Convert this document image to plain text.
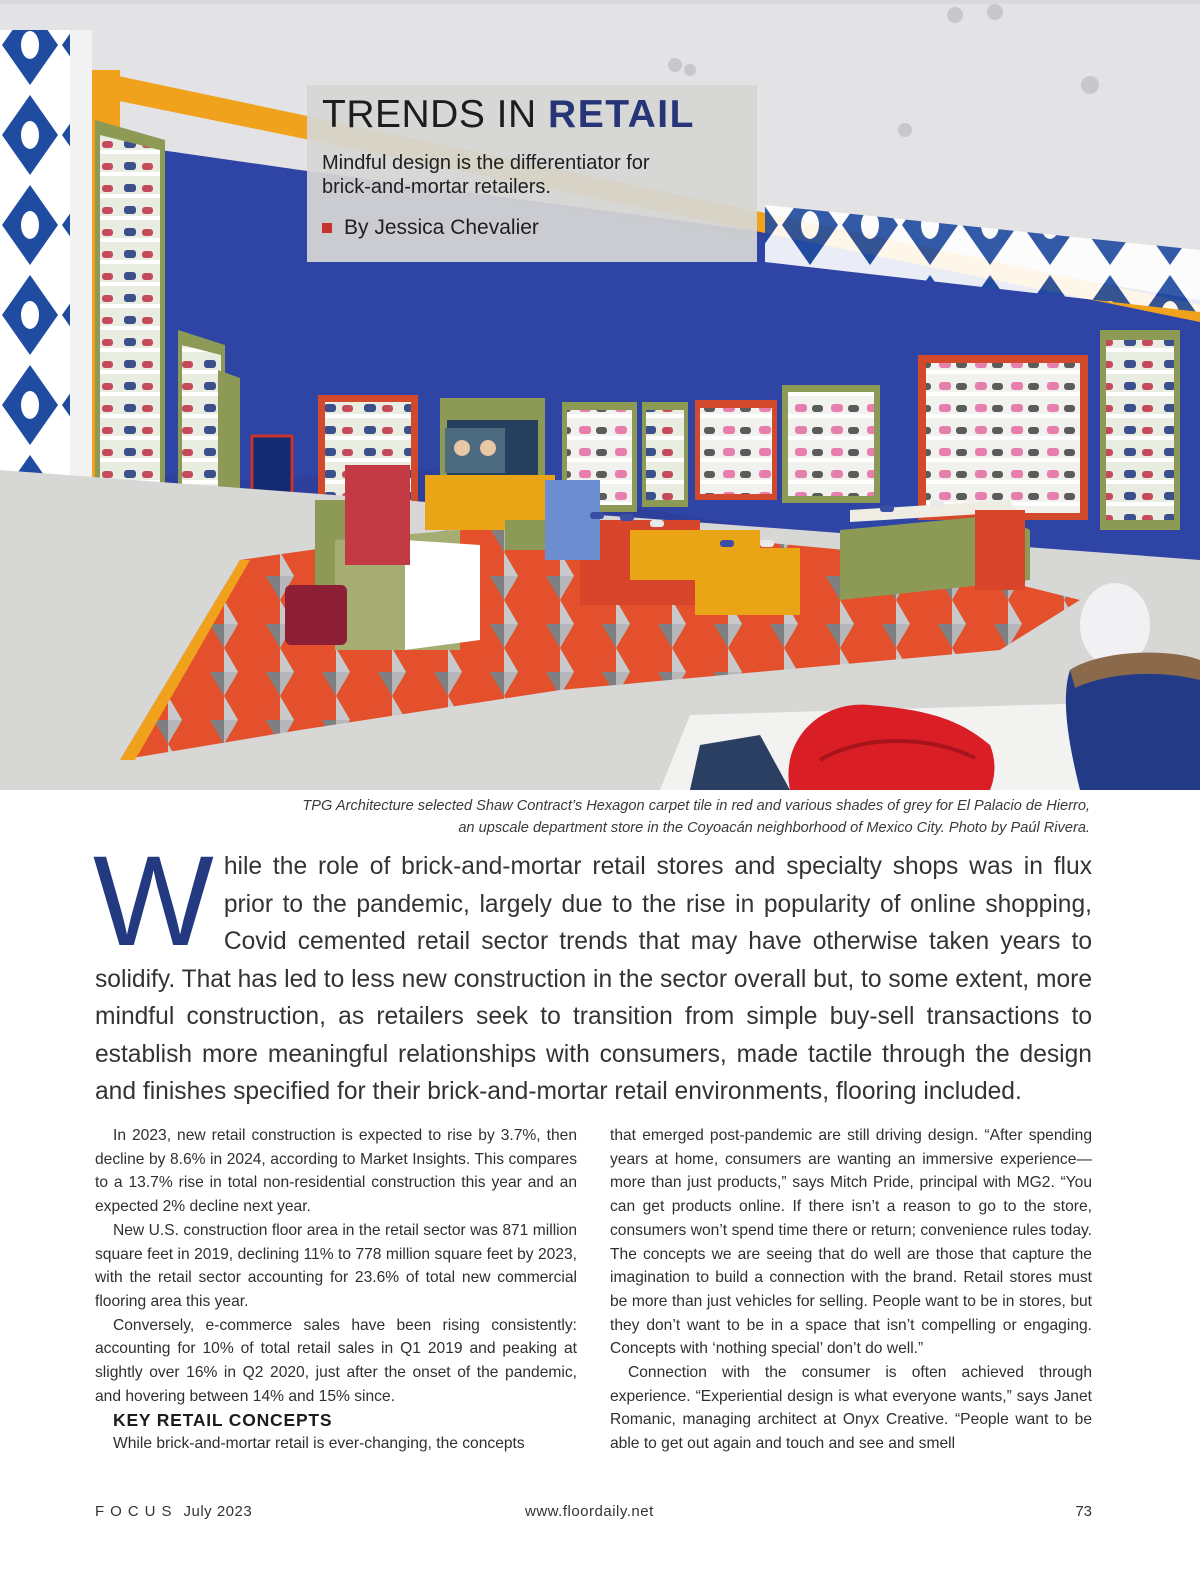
TRENDS IN RETAIL
Mindful design is the differentiator for brick-and-mortar retailers.
By Jessica Chevalier
TPG Architecture selected Shaw Contract’s Hexagon carpet tile in red and various shades of grey for El Palacio de Hierro, an upscale department store in the Coyoacán neighborhood of Mexico City. Photo by Paúl Rivera.
While the role of brick-and-mortar retail stores and specialty shops was in flux prior to the pandemic, largely due to the rise in popularity of online shopping, Covid cemented retail sector trends that may have otherwise taken years to solidify. That has led to less new construction in the sector overall but, to some extent, more mindful construction, as retailers seek to transition from simple buy-sell transactions to establish more meaningful relationships with consumers, made tactile through the design and finishes specified for their brick-and-mortar retail environments, flooring included.

In 2023, new retail construction is expected to rise by 3.7%, then decline by 8.6% in 2024, according to Market Insights. This compares to a 13.7% rise in total non-residential construction this year and an expected 2% decline next year.

New U.S. construction floor area in the retail sector was 871 million square feet in 2019, declining 11% to 778 million square feet by 2023, with the retail sector accounting for 23.6% of total new commercial flooring area this year.

Conversely, e-commerce sales have been rising consistently: accounting for 10% of total retail sales in Q1 2019 and peaking at slightly over 16% in Q2 2020, just after the onset of the pandemic, and hovering between 14% and 15% since.

KEY RETAIL CONCEPTS

While brick-and-mortar retail is ever-changing, the concepts

that emerged post-pandemic are still driving design. “After spending years at home, consumers are wanting an immersive experience—more than just products,” says Mitch Pride, principal with MG2. “You can get products online. If there isn’t a reason to go to the store, consumers won’t spend time there or return; convenience rules today. The concepts we are seeing that do well are those that capture the imagination to build a connection with the brand. Retail stores must be more than just vehicles for selling. People want to be in stores, but they don’t want to be in a space that isn’t compelling or engaging. Concepts with ‘nothing special’ don’t do well.”

Connection with the consumer is often achieved through experience. “Experiential design is what everyone wants,” says Janet Romanic, managing architect at Onyx Creative. “People want to be able to get out again and touch and see and smell

FOCUS July 2023	www.floordaily.net	73
